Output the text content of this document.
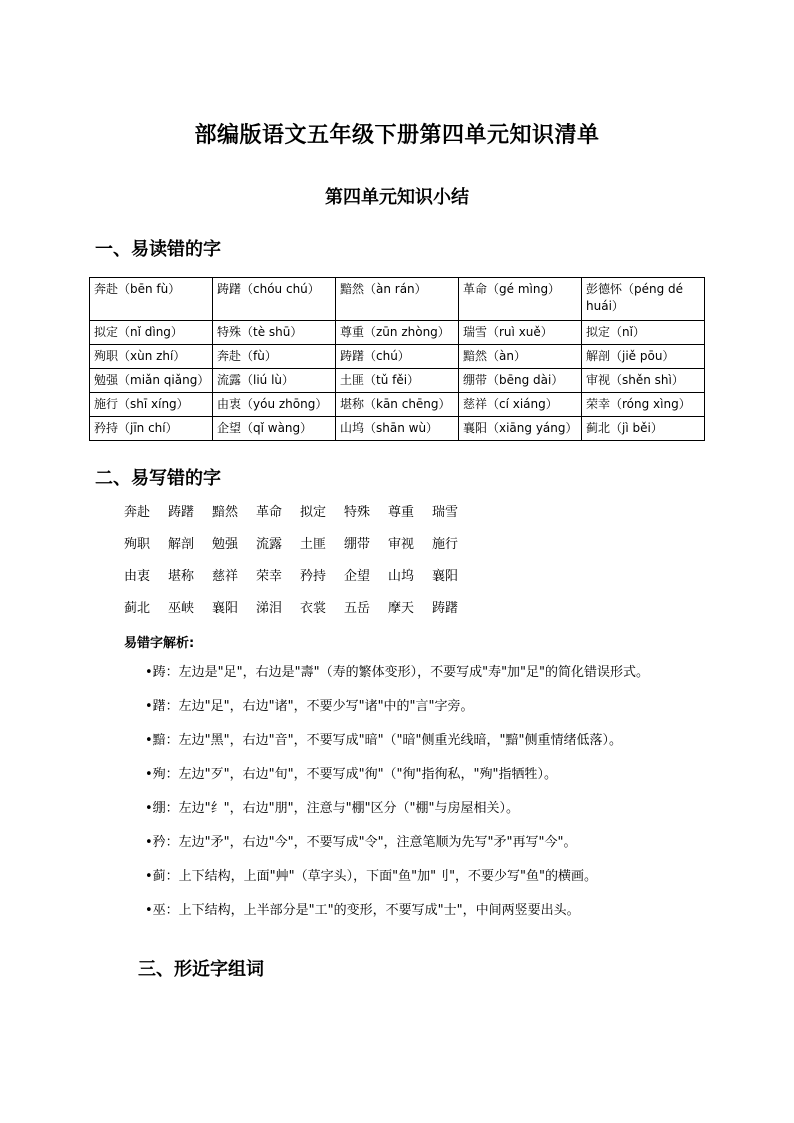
部编版语文五年级下册第四单元知识清单
第四单元知识小结
一、易读错的字
奔赴（bēn fù）	踌躇（chóu chú）	黯然（àn rán）	革命（gé mìng）	彭德怀（péng dé huái）
拟定（nǐ dìng）	特殊（tè shū）	尊重（zūn zhòng）	瑞雪（ruì xuě）	拟定（nǐ）
殉职（xùn zhí）	奔赴（fù）	踌躇（chú）	黯然（àn）	解剖（jiě pōu）
勉强（miǎn qiǎng）	流露（liú lù）	土匪（tǔ fěi）	绷带（bēng dài）	审视（shěn shì）
施行（shī xíng）	由衷（yóu zhōng）	堪称（kān chēng）	慈祥（cí xiáng）	荣幸（róng xìng）
矜持（jīn chí）	企望（qǐ wàng）	山坞（shān wù）	襄阳（xiāng yáng）	蓟北（jì běi）
二、易写错的字
奔赴	踌躇	黯然	革命	拟定	特殊	尊重	瑞雪
殉职	解剖	勉强	流露	土匪	绷带	审视	施行
由衷	堪称	慈祥	荣幸	矜持	企望	山坞	襄阳
蓟北	巫峡	襄阳	涕泪	衣裳	五岳	摩天	踌躇
易错字解析:

•踌：左边是"足"，右边是"壽"（寿的繁体变形），不要写成"寿"加"足"的简化错误形式。

•躇：左边"足"，右边"诸"，不要少写"诸"中的"言"字旁。

•黯：左边"黑"，右边"音"，不要写成"暗"（"暗"侧重光线暗，"黯"侧重情绪低落）。

•殉：左边"歹"，右边"旬"，不要写成"徇"（"徇"指徇私，"殉"指牺牲）。

•绷：左边"纟"，右边"朋"，注意与"棚"区分（"棚"与房屋相关）。

•矜：左边"矛"，右边"今"，不要写成"令"，注意笔顺为先写"矛"再写"今"。

•蓟：上下结构，上面"艸"（草字头），下面"鱼"加"刂"，不要少写"鱼"的横画。

•巫：上下结构，上半部分是"工"的变形，不要写成"士"，中间两竖要出头。

三、形近字组词
